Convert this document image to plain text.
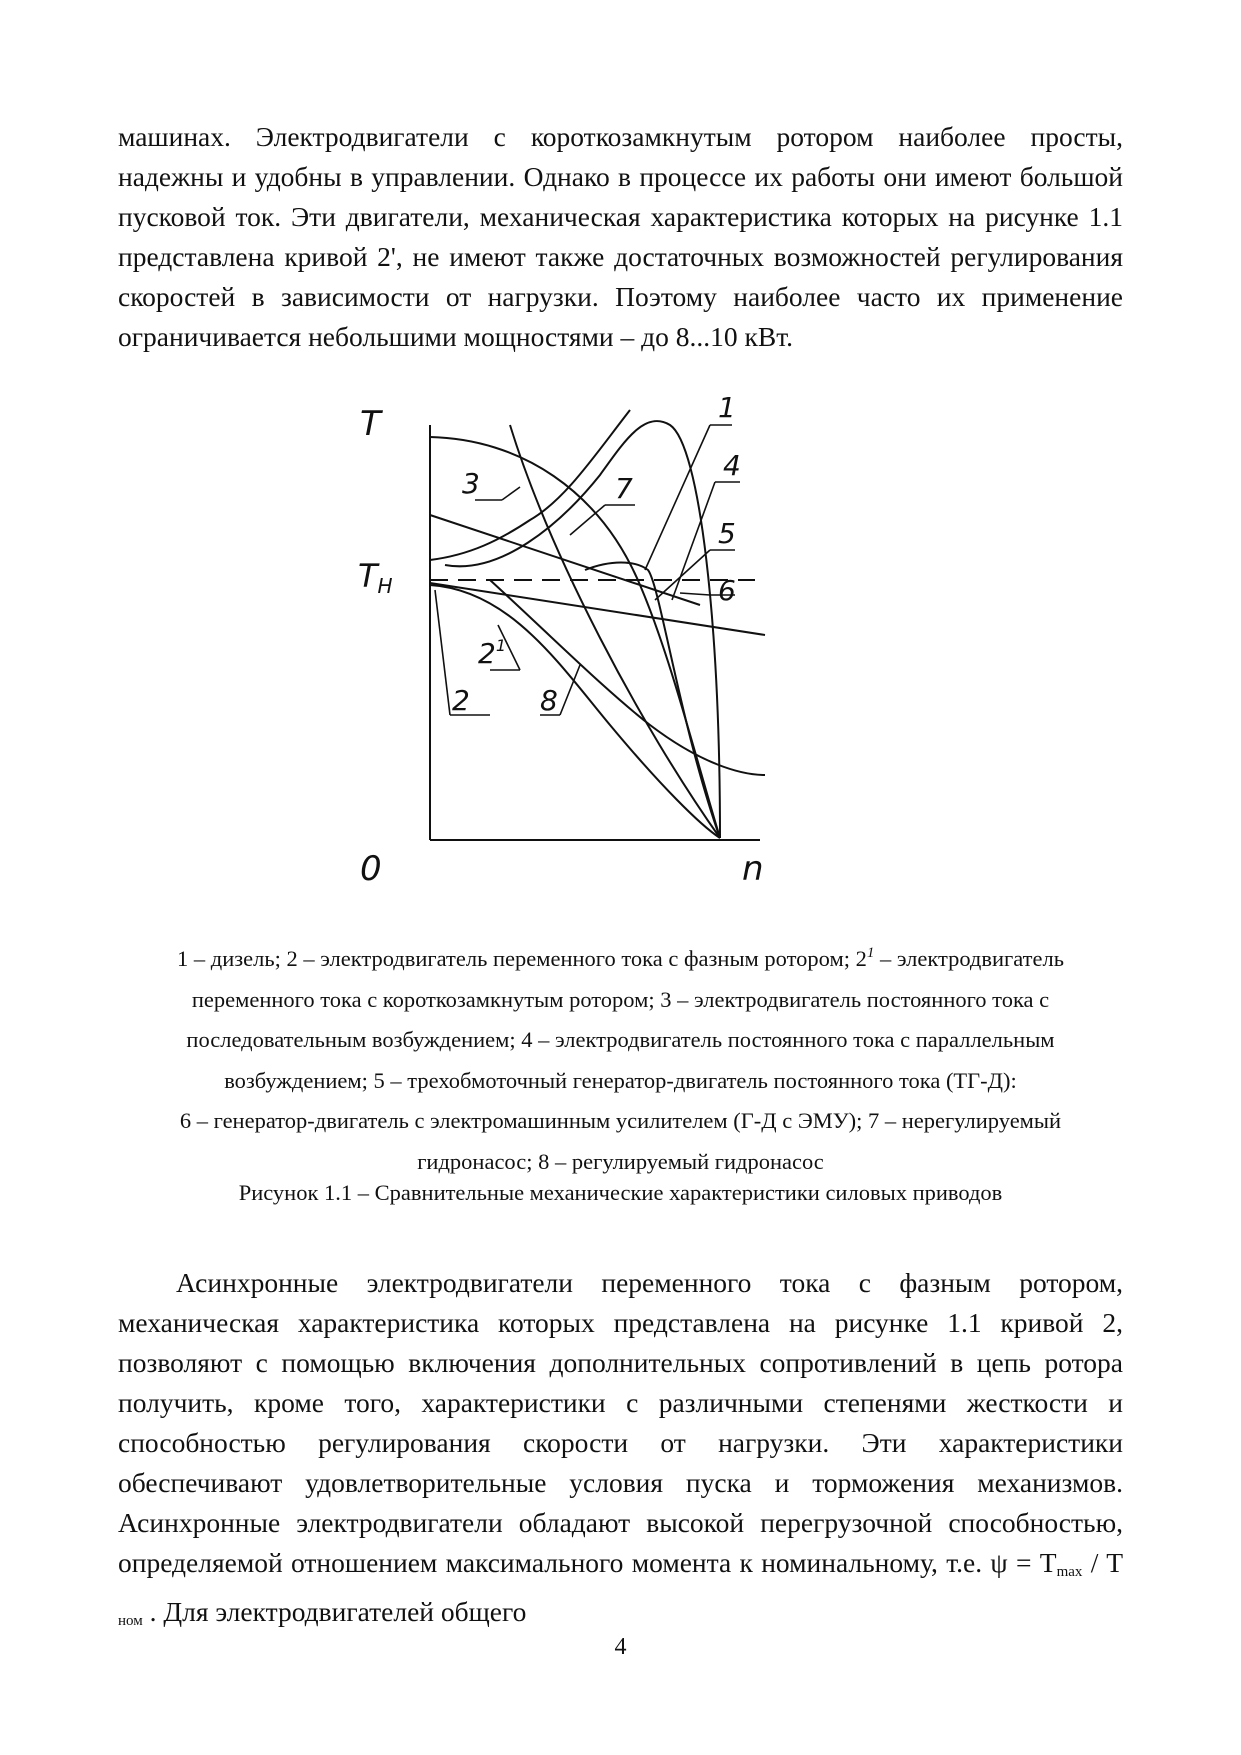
машинах. Электродвигатели с короткозамкнутым ротором наиболее просты, надежны и удобны в управлении. Однако в процессе их работы они имеют большой пусковой ток. Эти двигатели, механическая характеристика которых на рисунке 1.1 представлена кривой 2', не имеют также достаточных возможностей регулирования скоростей в зависимости от нагрузки. Поэтому наиболее часто их применение ограничивается небольшими мощностями – до 8...10 кВт.

T
TН
0	n
1
4
5
7
3
6
$2^1$
2	8
1 – дизель; 2 – электродвигатель переменного тока с фазным ротором; $2^1$ – электродвигатель
переменного тока с короткозамкнутым ротором; 3 – электродвигатель постоянного тока с
последовательным возбуждением; 4 – электродвигатель постоянного тока с параллельным
возбуждением; 5 – трехобмоточный генератор-двигатель постоянного тока (ТГ-Д):
6 – генератор-двигатель с электромашинным усилителем (Г-Д с ЭМУ); 7 – нерегулируемый
гидронасос; 8 – регулируемый гидронасос
Рисунок 1.1 – Сравнительные механические характеристики силовых приводов

Асинхронные электродвигатели переменного тока с фазным ротором, механическая характеристика которых представлена на рисунке 1.1 кривой 2, позволяют с помощью включения дополнительных сопротивлений в цепь ротора получить, кроме того, характеристики с различными степенями жесткости и способностью регулирования скорости от нагрузки. Эти характеристики обеспечивают удовлетворительные условия пуска и торможения механизмов. Асинхронные электродвигатели обладают высокой перегрузочной способностью, определяемой отношением максимального момента к номинальному, т.е. $\psi = T_{max} / T$ $_{ном}$ . Для электродвигателей общего

4
